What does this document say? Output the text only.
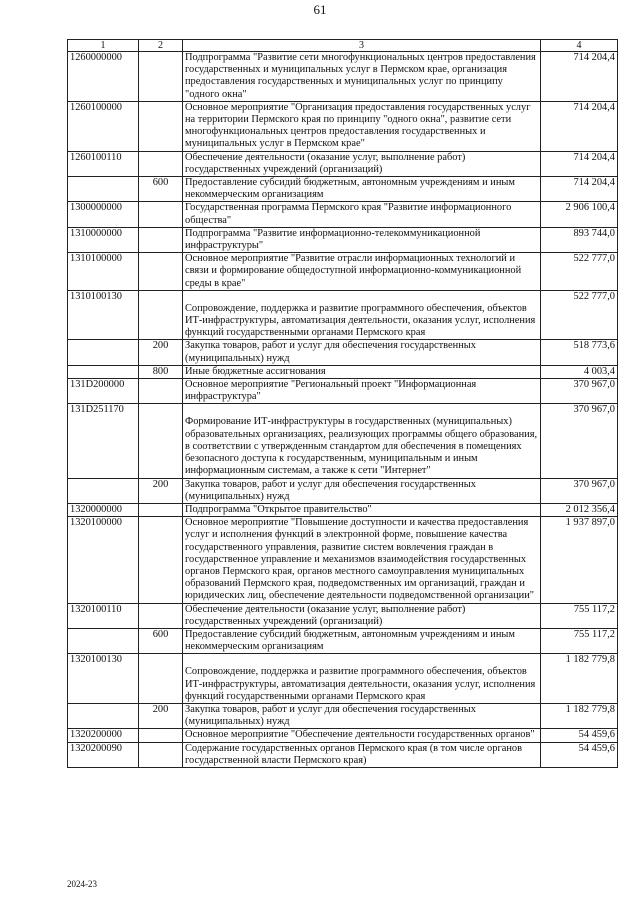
61
1	2	3	4
1260000000		Подпрограмма "Развитие сети многофункциональных центров предоставления государственных и муниципальных услуг в Пермском крае, организация предоставления государственных и муниципальных услуг по принципу "одного окна"	714 204,4
1260100000		Основное мероприятие "Организация предоставления государственных услуг на территории Пермского края по принципу "одного окна", развитие сети многофункциональных центров предоставления государственных и муниципальных услуг в Пермском крае"	714 204,4
1260100110		Обеспечение деятельности (оказание услуг, выполнение работ) государственных учреждений (организаций)	714 204,4
	600	Предоставление субсидий бюджетным, автономным учреждениям и иным некоммерческим организациям	714 204,4
1300000000		Государственная программа Пермского края "Развитие информационного общества"	2 906 100,4
1310000000		Подпрограмма "Развитие информационно-телекоммуникационной инфраструктуры"	893 744,0
1310100000		Основное мероприятие "Развитие отрасли информационных технологий и связи и формирование общедоступной информационно-коммуникационной среды в крае"	522 777,0
1310100130		Сопровождение, поддержка и развитие программного обеспечения, объектов ИТ-инфраструктуры, автоматизация деятельности, оказания услуг, исполнения функций государственными органами Пермского края	522 777,0
	200	Закупка товаров, работ и услуг для обеспечения государственных (муниципальных) нужд	518 773,6
	800	Иные бюджетные ассигнования	4 003,4
131D200000		Основное мероприятие "Региональный проект "Информационная инфраструктура"	370 967,0
131D251170		Формирование ИТ-инфраструктуры в государственных (муниципальных) образовательных организациях, реализующих программы общего образования, в соответствии с утвержденным стандартом для обеспечения в помещениях безопасного доступа к государственным, муниципальным и иным информационным системам, а также к сети "Интернет"	370 967,0
	200	Закупка товаров, работ и услуг для обеспечения государственных (муниципальных) нужд	370 967,0
1320000000		Подпрограмма "Открытое правительство"	2 012 356,4
1320100000		Основное мероприятие "Повышение доступности и качества предоставления услуг и исполнения функций в электронной форме, повышение качества государственного управления, развитие систем вовлечения граждан в государственное управление и механизмов взаимодействия государственных органов Пермского края, органов местного самоуправления муниципальных образований Пермского края, подведомственных им организаций, граждан и юридических лиц, обеспечение деятельности подведомственной организации"	1 937 897,0
1320100110		Обеспечение деятельности (оказание услуг, выполнение работ) государственных учреждений (организаций)	755 117,2
	600	Предоставление субсидий бюджетным, автономным учреждениям и иным некоммерческим организациям	755 117,2
1320100130		Сопровождение, поддержка и развитие программного обеспечения, объектов ИТ-инфраструктуры, автоматизация деятельности, оказания услуг, исполнения функций государственными органами Пермского края	1 182 779,8
	200	Закупка товаров, работ и услуг для обеспечения государственных (муниципальных) нужд	1 182 779,8
1320200000		Основное мероприятие "Обеспечение деятельности государственных органов"	54 459,6
1320200090		Содержание государственных органов Пермского края (в том числе органов государственной власти Пермского края)	54 459,6
2024-23
